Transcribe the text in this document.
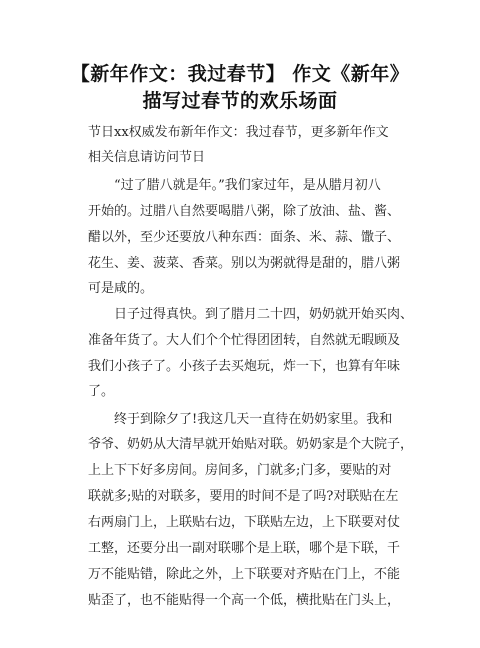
【新年作文：我过春节】 作文《新年》
描写过春节的欢乐场面
节日xx权威发布新年作文：我过春节，更多新年作文
相关信息请访问节日
“过了腊八就是年。”我们家过年，是从腊月初八
开始的。过腊八自然要喝腊八粥，除了放油、盐、酱、
醋以外，至少还要放八种东西：面条、米、蒜、馓子、
花生、姜、菠菜、香菜。别以为粥就得是甜的，腊八粥
可是咸的。
日子过得真快。到了腊月二十四，奶奶就开始买肉、
准备年货了。大人们个个忙得团团转，自然就无暇顾及
我们小孩子了。小孩子去买炮玩，炸一下，也算有年味
了。
终于到除夕了!我这几天一直待在奶奶家里。我和
爷爷、奶奶从大清早就开始贴对联。奶奶家是个大院子，
上上下下好多房间。房间多，门就多;门多，要贴的对
联就多;贴的对联多，要用的时间不是了吗?对联贴在左
右两扇门上，上联贴右边，下联贴左边，上下联要对仗
工整，还要分出一副对联哪个是上联，哪个是下联，千
万不能贴错，除此之外，上下联要对齐贴在门上，不能
贴歪了，也不能贴得一个高一个低，横批贴在门头上，
